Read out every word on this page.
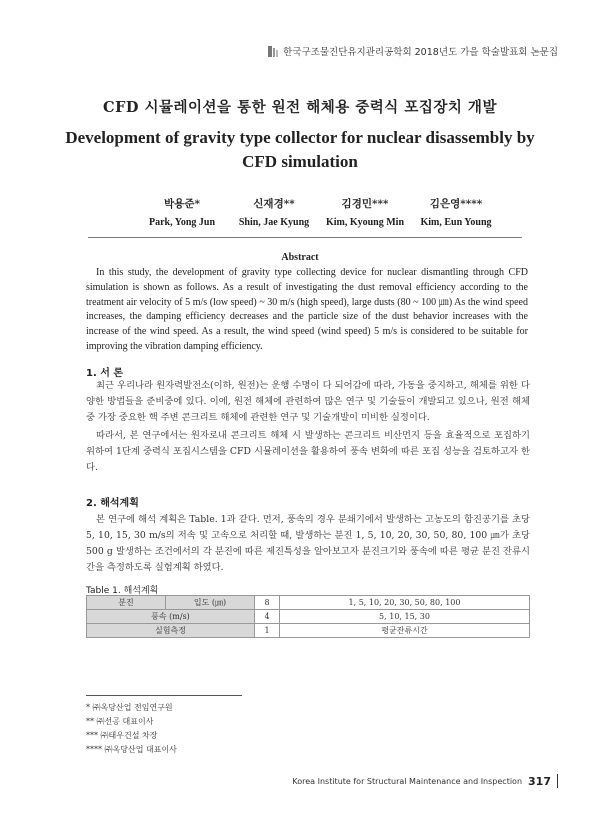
한국구조물진단유지관리공학회 2018년도 가을 학술발표회 논문집
CFD 시뮬레이션을 통한 원전 해체용 중력식 포집장치 개발
Development of gravity type collector for nuclear disassembly by CFD simulation
박용준*
Park, Yong Jun
신재경**
Shin, Jae Kyung
김경민***
Kim, Kyoung Min
김은영****
Kim, Eun Young
Abstract
In this study, the development of gravity type collecting device for nuclear dismantling through CFD simulation is shown as follows. As a result of investigating the dust removal efficiency according to the treatment air velocity of 5 m/s (low speed) ~ 30 m/s (high speed), large dusts (80 ~ 100 ㎛) As the wind speed increases, the damping efficiency decreases and the particle size of the dust behavior increases with the increase of the wind speed. As a result, the wind speed (wind speed) 5 m/s is considered to be suitable for improving the vibration damping efficiency.
1. 서 론
최근 우리나라 원자력발전소(이하, 원전)는 운행 수명이 다 되어감에 따라, 가동을 중지하고, 해체를 위한 다양한 방법들을 준비중에 있다. 이에, 원전 해체에 관련하여 많은 연구 및 기술들이 개발되고 있으나, 원전 해체 중 가장 중요한 핵 주변 콘크리트 해체에 관련한 연구 및 기술개발이 미비한 실정이다.
따라서, 본 연구에서는 원자로내 콘크리트 해체 시 발생하는 콘크리트 비산먼지 등을 효율적으로 포집하기 위하여 1단계 중력식 포집시스템을 CFD 시뮬레이션을 활용하여 풍속 변화에 따른 포집 성능을 검토하고자 한다.
2. 해석계획
본 연구에 해석 계획은 Table. 1과 같다. 먼저, 풍속의 경우 분쇄기에서 발생하는 고농도의 함진공기를 초당 5, 10, 15, 30 m/s의 저속 및 고속으로 처리할 때, 발생하는 분진 1, 5, 10, 20, 30, 50, 80, 100 ㎛가 초당 500 g 발생하는 조건에서의 각 분진에 따른 제진특성을 알아보고자 분진크기와 풍속에 따른 평균 분진 잔류시간을 측정하도록 실험계획 하였다.
Table 1. 해석계획
분진	입도 (㎛)	8	1, 5, 10, 20, 30, 50, 80, 100
풍속 (m/s)		4	5, 10, 15, 30
실험측정		1	평균잔류시간
* ㈜옥당산업 전임연구원
** ㈜선공 대표이사
*** ㈜태우건설 차장
**** ㈜옥당산업 대표이사
Korea Institute for Structural Maintenance and Inspection 317
